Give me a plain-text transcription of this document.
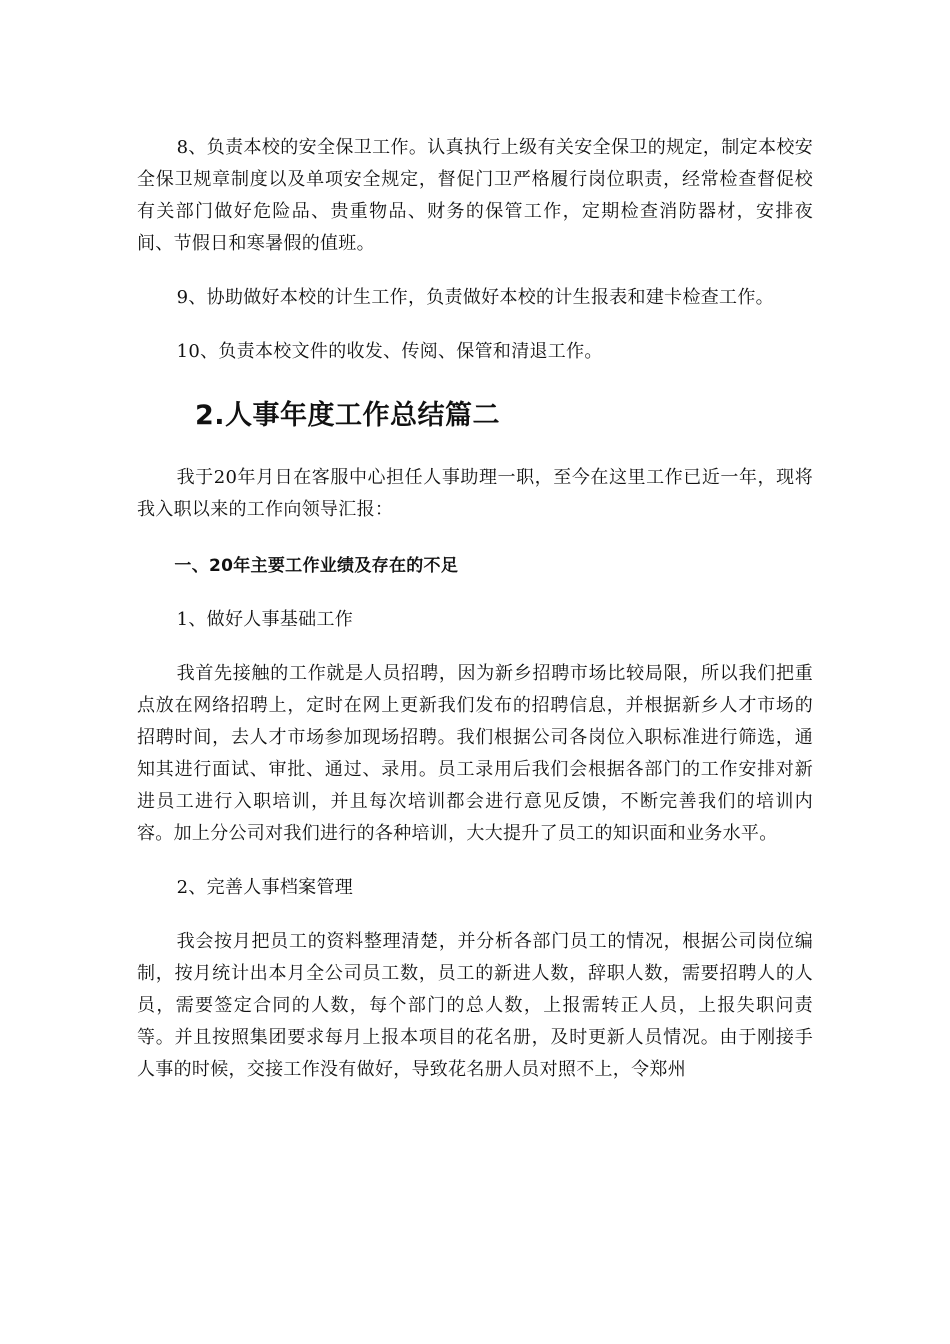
8、负责本校的安全保卫工作。认真执行上级有关安全保卫的规定，制定本校安全保卫规章制度以及单项安全规定，督促门卫严格履行岗位职责，经常检查督促校有关部门做好危险品、贵重物品、财务的保管工作，定期检查消防器材，安排夜间、节假日和寒暑假的值班。

9、协助做好本校的计生工作，负责做好本校的计生报表和建卡检查工作。

10、负责本校文件的收发、传阅、保管和清退工作。

2.人事年度工作总结篇二

我于20年月日在客服中心担任人事助理一职，至今在这里工作已近一年，现将我入职以来的工作向领导汇报：

一、20年主要工作业绩及存在的不足

1、做好人事基础工作

我首先接触的工作就是人员招聘，因为新乡招聘市场比较局限，所以我们把重点放在网络招聘上，定时在网上更新我们发布的招聘信息，并根据新乡人才市场的招聘时间，去人才市场参加现场招聘。我们根据公司各岗位入职标准进行筛选，通知其进行面试、审批、通过、录用。员工录用后我们会根据各部门的工作安排对新进员工进行入职培训，并且每次培训都会进行意见反馈，不断完善我们的培训内容。加上分公司对我们进行的各种培训，大大提升了员工的知识面和业务水平。

2、完善人事档案管理

我会按月把员工的资料整理清楚，并分析各部门员工的情况，根据公司岗位编制，按月统计出本月全公司员工数，员工的新进人数，辞职人数，需要招聘人的人员，需要签定合同的人数，每个部门的总人数，上报需转正人员，上报失职问责等。并且按照集团要求每月上报本项目的花名册，及时更新人员情况。由于刚接手人事的时候，交接工作没有做好，导致花名册人员对照不上，令郑州
